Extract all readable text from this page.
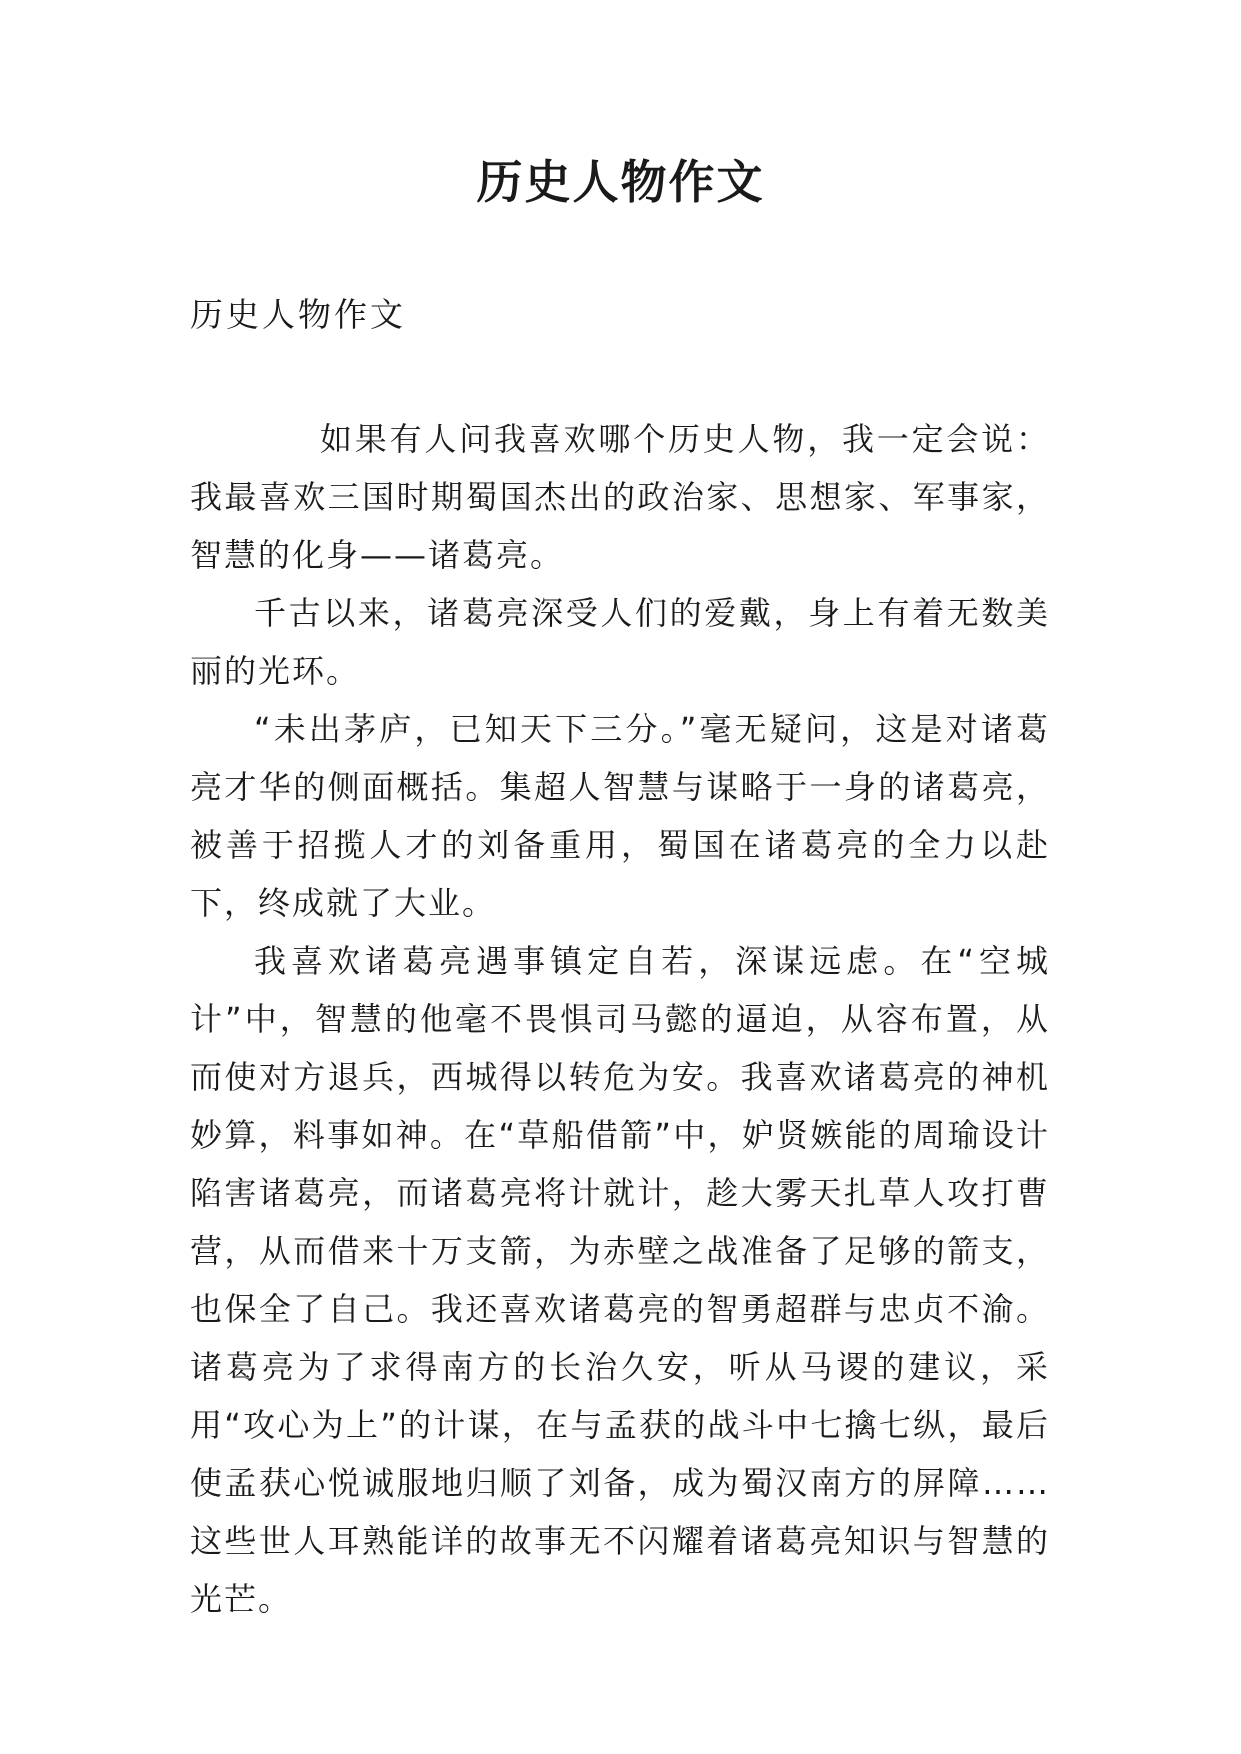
历史人物作文

历史人物作文

如果有人问我喜欢哪个历史人物，我一定会说：我最喜欢三国时期蜀国杰出的政治家、思想家、军事家，智慧的化身——诸葛亮。

千古以来，诸葛亮深受人们的爱戴，身上有着无数美丽的光环。

“未出茅庐，已知天下三分。”毫无疑问，这是对诸葛亮才华的侧面概括。集超人智慧与谋略于一身的诸葛亮，被善于招揽人才的刘备重用，蜀国在诸葛亮的全力以赴下，终成就了大业。

我喜欢诸葛亮遇事镇定自若，深谋远虑。在“空城计”中，智慧的他毫不畏惧司马懿的逼迫，从容布置，从而使对方退兵，西城得以转危为安。我喜欢诸葛亮的神机妙算，料事如神。在“草船借箭”中，妒贤嫉能的周瑜设计陷害诸葛亮，而诸葛亮将计就计，趁大雾天扎草人攻打曹营，从而借来十万支箭，为赤壁之战准备了足够的箭支，也保全了自己。我还喜欢诸葛亮的智勇超群与忠贞不渝。诸葛亮为了求得南方的长治久安，听从马谡的建议，采用“攻心为上”的计谋，在与孟获的战斗中七擒七纵，最后使孟获心悦诚服地归顺了刘备，成为蜀汉南方的屏障……这些世人耳熟能详的故事无不闪耀着诸葛亮知识与智慧的光芒。
